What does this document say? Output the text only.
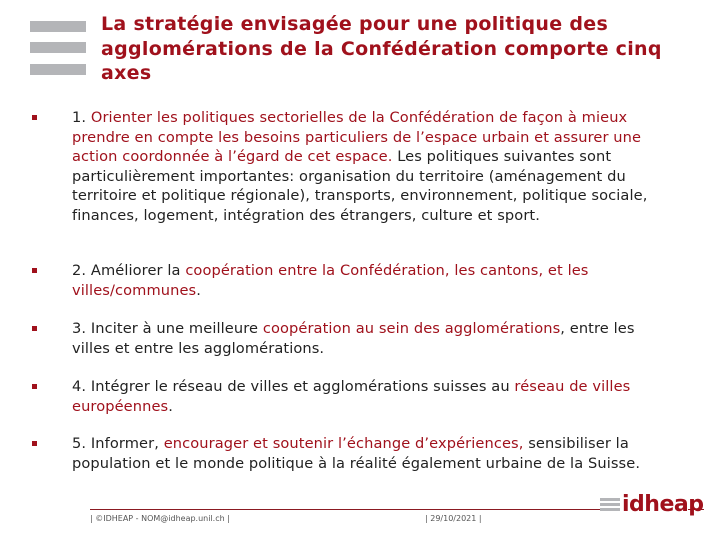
La stratégie envisagée pour une politique des agglomérations de la Confédération comporte cinq axes
1. Orienter les politiques sectorielles de la Confédération de façon à mieux prendre en compte les besoins particuliers de l’espace urbain et assurer une action coordonnée à l’égard de cet espace. Les politiques suivantes sont particulièrement importantes: organisation du territoire (aménagement du territoire et politique régionale), transports, environnement, politique sociale, finances, logement, intégration des étrangers, culture et sport.
2. Améliorer la coopération entre la Confédération, les cantons, et les villes/communes.
3. Inciter à une meilleure coopération au sein des agglomérations, entre les villes et entre les agglomérations.
4. Intégrer le réseau de villes et agglomérations suisses au réseau de villes européennes.
5. Informer, encourager et soutenir l’échange d’expériences, sensibiliser la population et le monde politique à la réalité également urbaine de la Suisse.
| ©IDHEAP - NOM@idheap.unil.ch |	| 29/10/2021 |
idheap
